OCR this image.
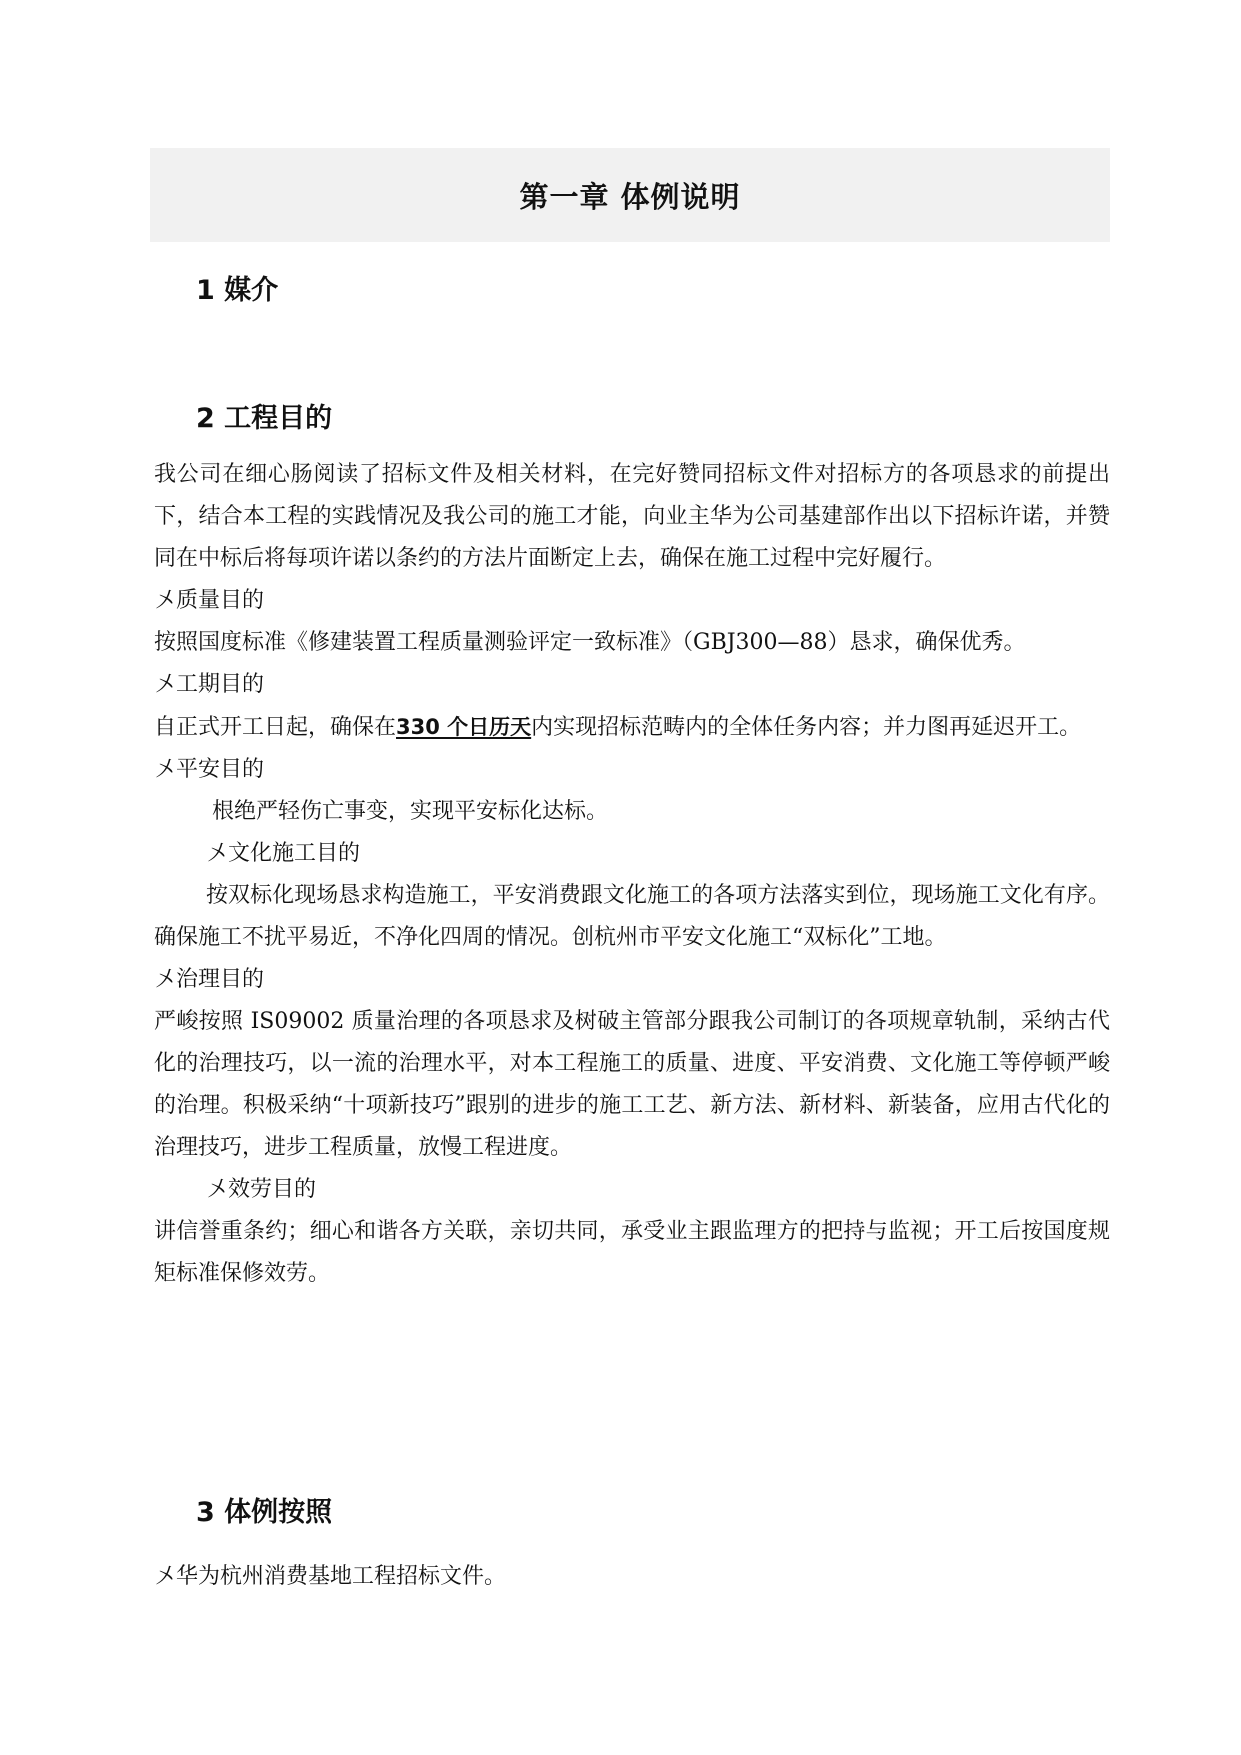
第一章 体例说明
1 媒介
2 工程目的

我公司在细心肠阅读了招标文件及相关材料，在完好赞同招标文件对招标方的各项恳求的前提出下，结合本工程的实践情况及我公司的施工才能，向业主华为公司基建部作出以下招标许诺，并赞同在中标后将每项许诺以条约的方法片面断定上去，确保在施工过程中完好履行。

〤质量目的

按照国度标准《修建装置工程质量测验评定一致标准》（GBJ300—88）恳求，确保优秀。

〤工期目的

自正式开工日起，确保在330 个日历天内实现招标范畴内的全体任务内容；并力图再延迟开工。

〤平安目的

根绝严轻伤亡事变，实现平安标化达标。

〤文化施工目的

按双标化现场恳求构造施工，平安消费跟文化施工的各项方法落实到位，现场施工文化有序。确保施工不扰平易近，不净化四周的情况。创杭州市平安文化施工“双标化”工地。

〤治理目的

严峻按照 IS09002 质量治理的各项恳求及树破主管部分跟我公司制订的各项规章轨制，采纳古代化的治理技巧，以一流的治理水平，对本工程施工的质量、进度、平安消费、文化施工等停顿严峻的治理。积极采纳“十项新技巧”跟别的进步的施工工艺、新方法、新材料、新装备，应用古代化的治理技巧，进步工程质量，放慢工程进度。

〤效劳目的

讲信誉重条约；细心和谐各方关联，亲切共同，承受业主跟监理方的把持与监视；开工后按国度规矩标准保修效劳。

3 体例按照
〤华为杭州消费基地工程招标文件。
